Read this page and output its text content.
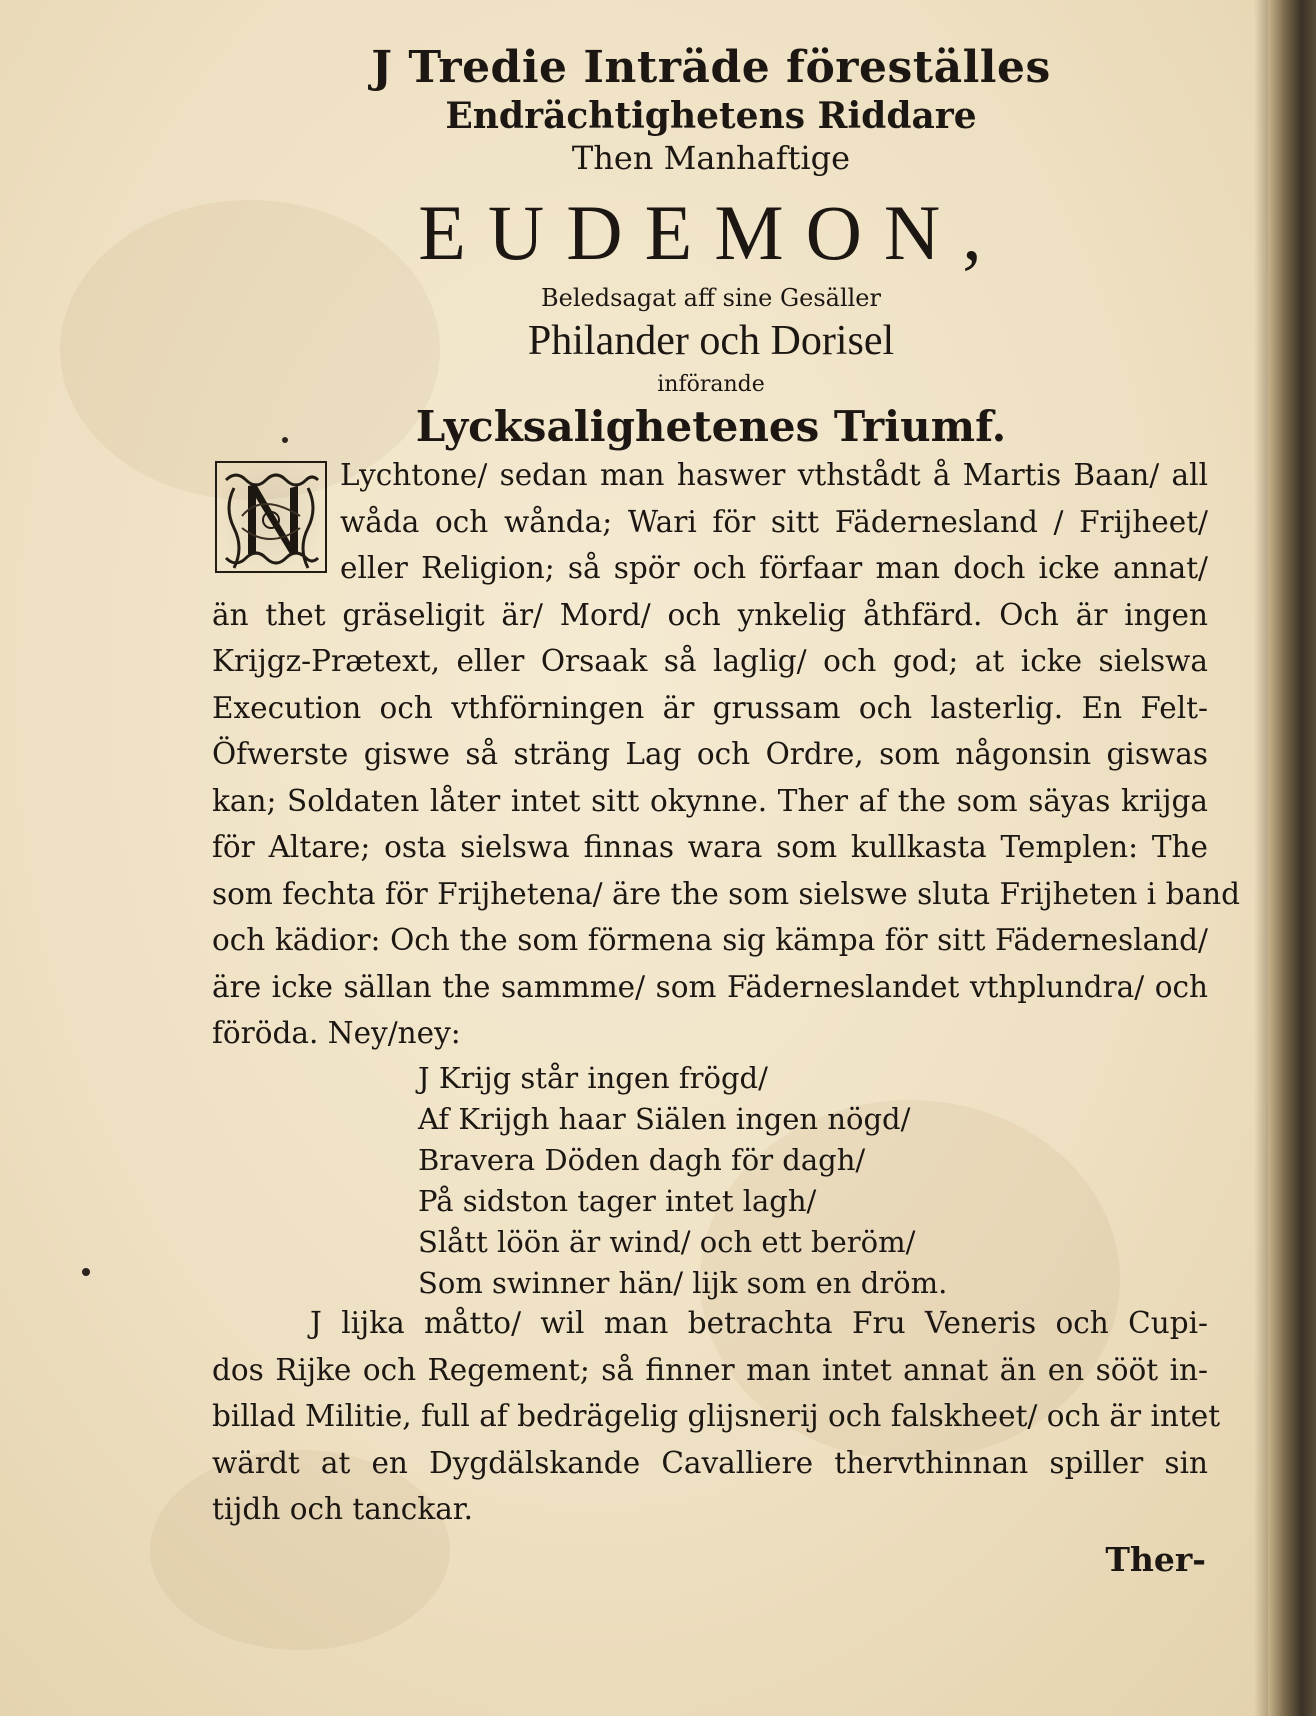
J Tredie Inträde föreställes
Endrächtighetens Riddare
Then Manhaftige
EUDEMON,
Beledsagat aff sine Gesäller
Philander och Dorisel
införande
Lycksalighetenes Triumf.
Lychtone/ sedan man haswer vthstådt å Martis Baan/ all
wåda och wånda; Wari för sitt Fädernesland / Frijheet/
eller Religion; så spör och förfaar man doch icke annat/
än thet gräseligit är/ Mord/ och ynkelig åthfärd. Och är ingen
Krijgz-Prætext, eller Orsaak så laglig/ och god; at icke sielswa
Execution och vthförningen är grussam och lasterlig. En Felt-
Öfwerste giswe så sträng Lag och Ordre, som någonsin giswas
kan; Soldaten låter intet sitt okynne. Ther af the som säyas krijga
för Altare; osta sielswa finnas wara som kullkasta Templen: The
som fechta för Frijhetena/ äre the som sielswe sluta Frijheten i band
och kädior: Och the som förmena sig kämpa för sitt Fädernesland/
äre icke sällan the sammme/ som Fäderneslandet vthplundra/ och
föröda. Ney/ney:
J Krijg står ingen frögd/
Af Krijgh haar Siälen ingen nögd/
Bravera Döden dagh för dagh/
På sidston tager intet lagh/
Slått löön är wind/ och ett beröm/
Som swinner hän/ lijk som en dröm.
J lijka måtto/ wil man betrachta Fru Veneris och Cupi-
dos Rijke och Regement; så finner man intet annat än en sööt in-
billad Militie, full af bedrägelig glijsnerij och falskheet/ och är intet
wärdt at en Dygdälskande Cavalliere thervthinnan spiller sin
tijdh och tanckar.
Ther-
